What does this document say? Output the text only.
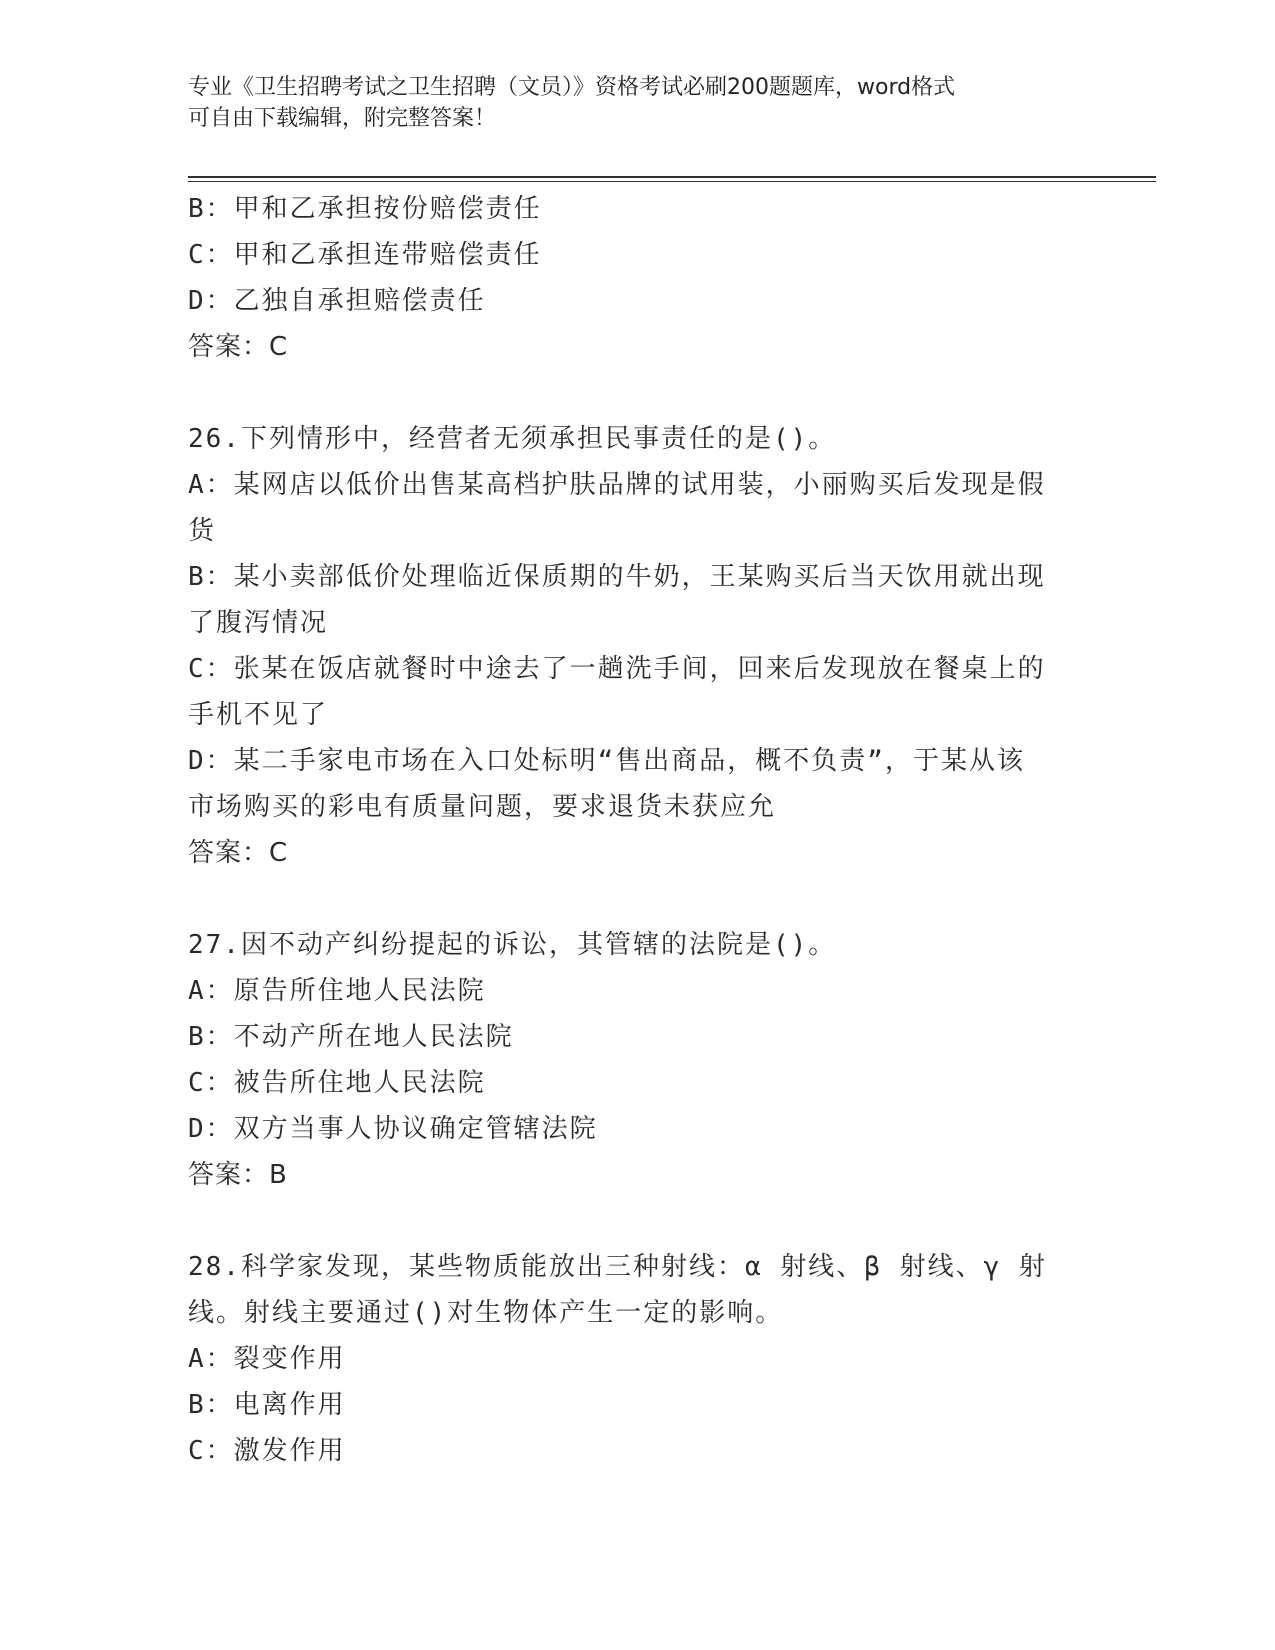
专业《卫生招聘考试之卫生招聘（文员）》资格考试必刷200题题库，word格式
可自由下载编辑，附完整答案！
B：甲和乙承担按份赔偿责任
C：甲和乙承担连带赔偿责任
D：乙独自承担赔偿责任
答案：C
26.下列情形中，经营者无须承担民事责任的是()。
A：某网店以低价出售某高档护肤品牌的试用装，小丽购买后发现是假
货
B：某小卖部低价处理临近保质期的牛奶，王某购买后当天饮用就出现
了腹泻情况
C：张某在饭店就餐时中途去了一趟洗手间，回来后发现放在餐桌上的
手机不见了
D：某二手家电市场在入口处标明“售出商品，概不负责”，于某从该
市场购买的彩电有质量问题，要求退货未获应允
答案：C
27.因不动产纠纷提起的诉讼，其管辖的法院是()。
A：原告所住地人民法院
B：不动产所在地人民法院
C：被告所住地人民法院
D：双方当事人协议确定管辖法院
答案：B
28.科学家发现，某些物质能放出三种射线：α 射线、β 射线、γ 射
线。射线主要通过()对生物体产生一定的影响。
A：裂变作用
B：电离作用
C：激发作用
